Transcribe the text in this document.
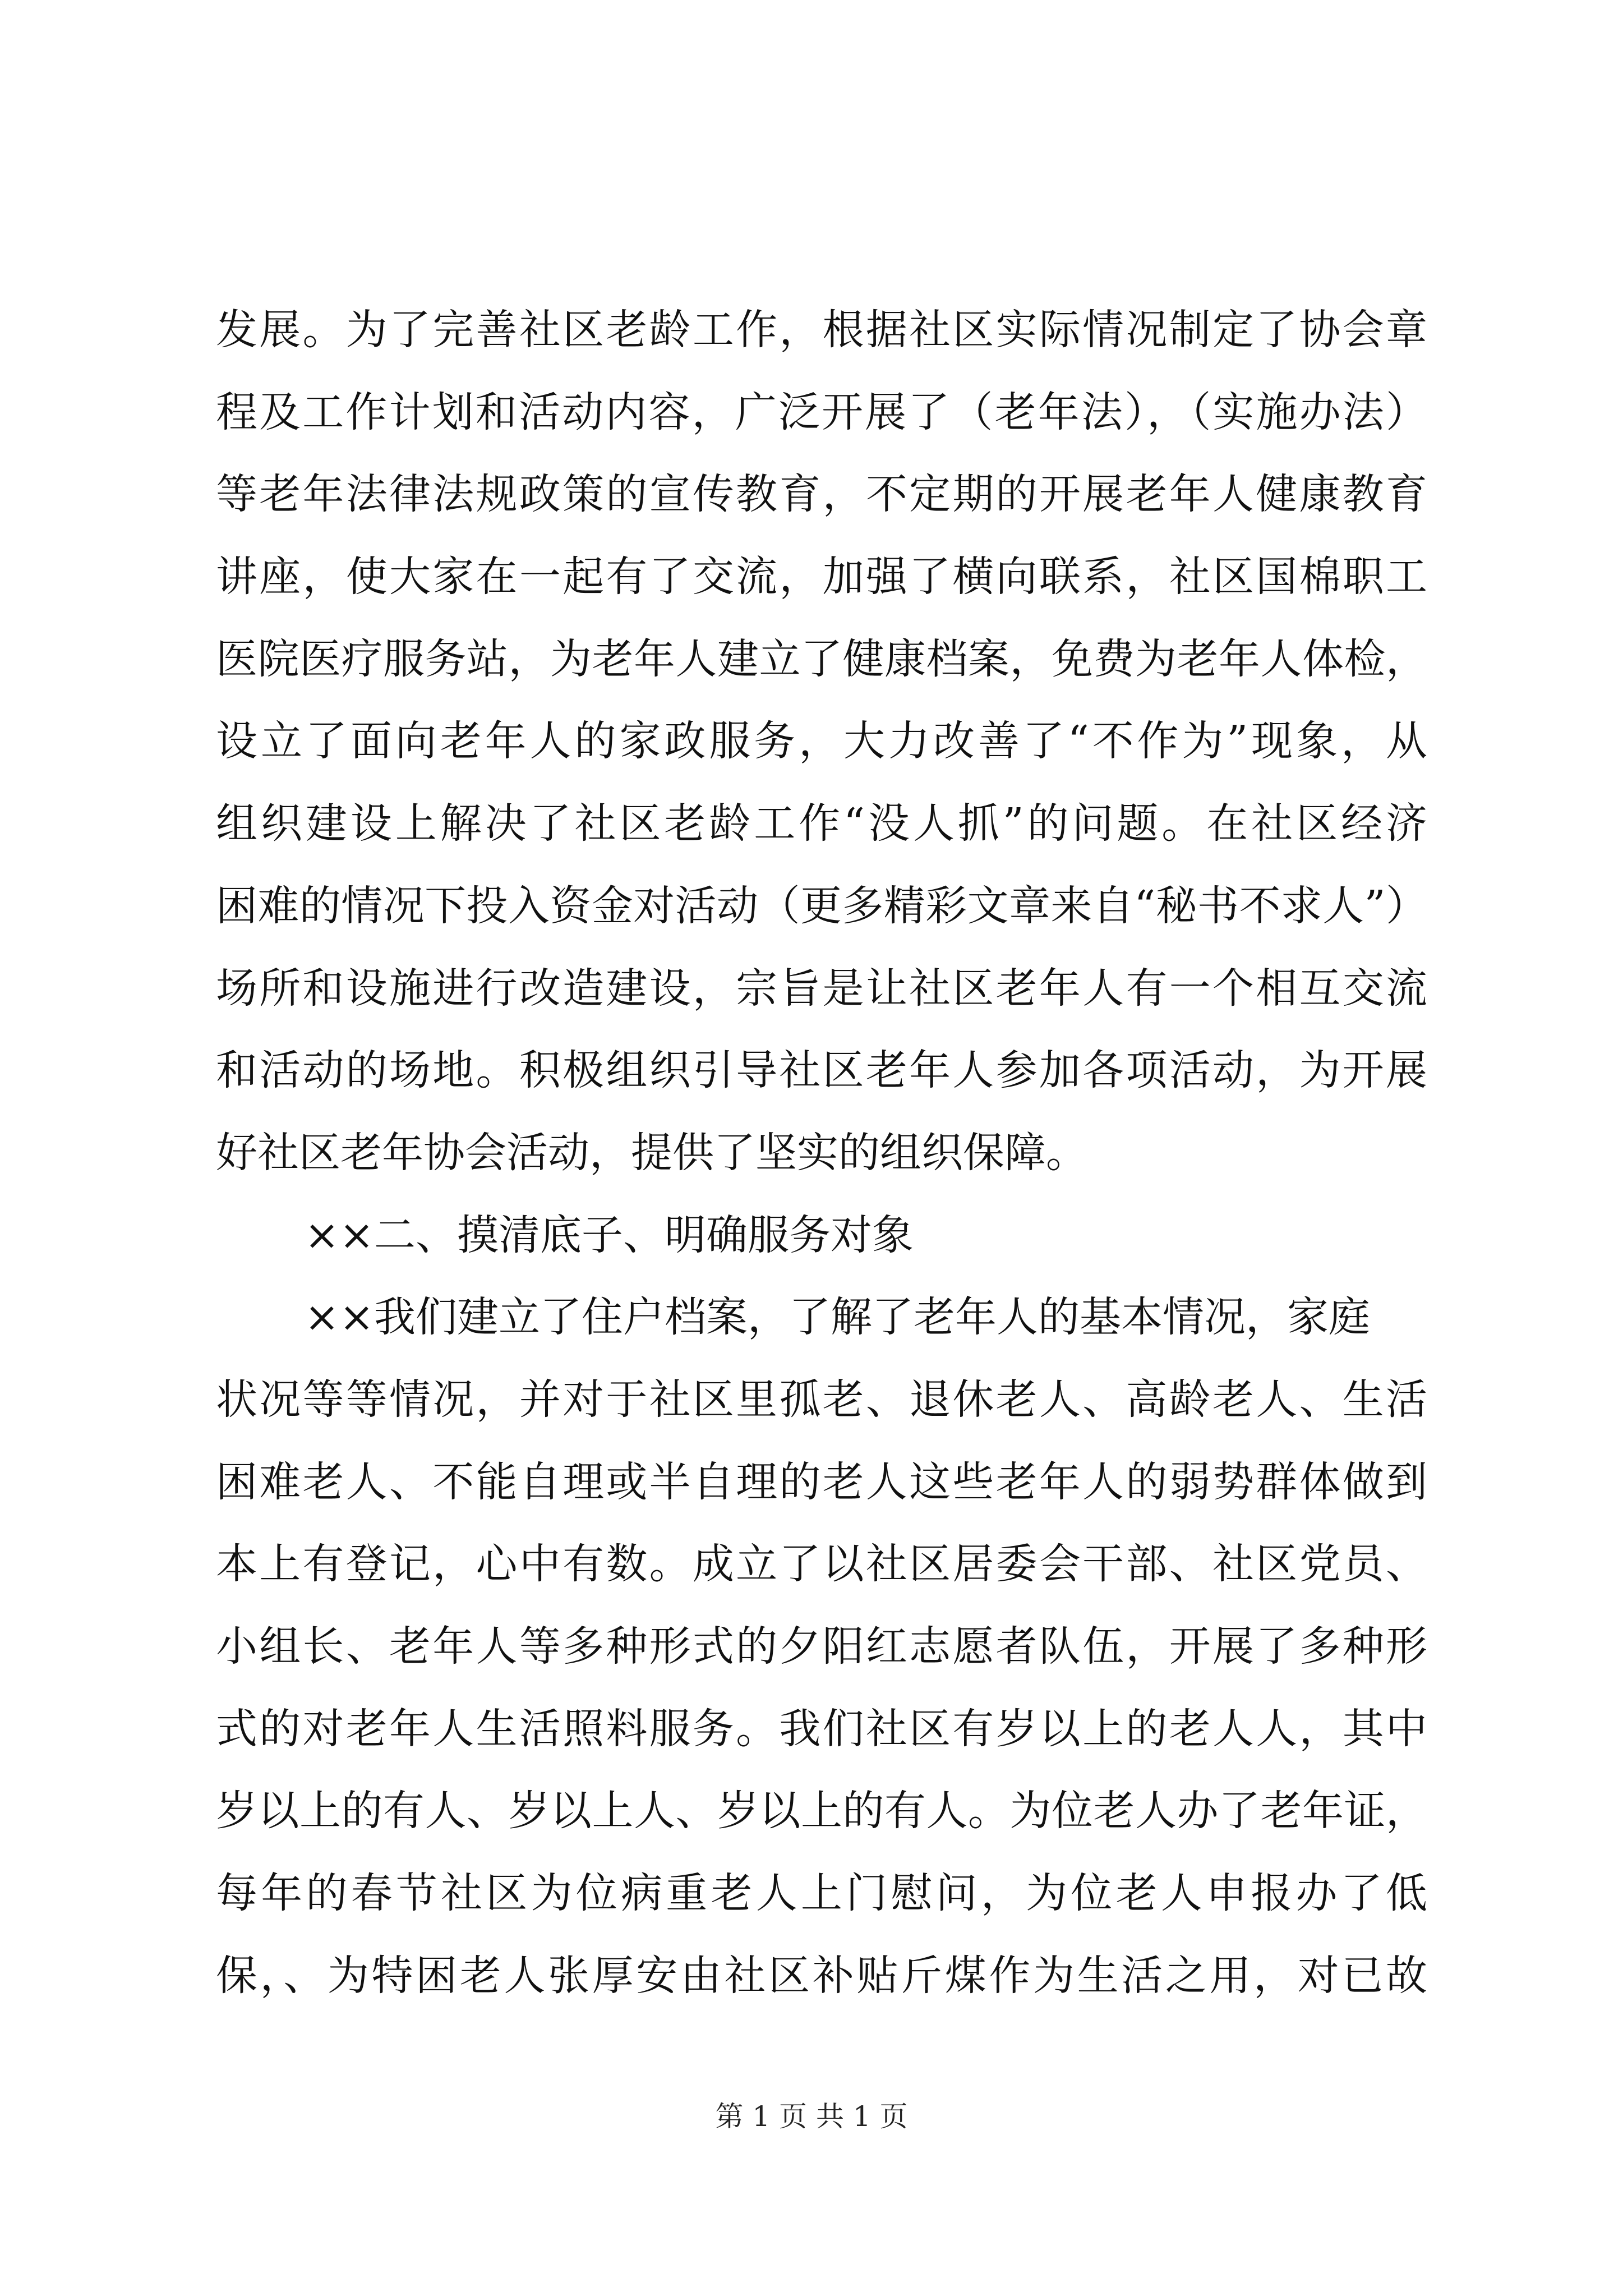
发展。为了完善社区老龄工作，根据社区实际情况制定了协会章
程及工作计划和活动内容，广泛开展了（老年法），（实施办法）
等老年法律法规政策的宣传教育，不定期的开展老年人健康教育
讲座，使大家在一起有了交流，加强了横向联系，社区国棉职工
医院医疗服务站，为老年人建立了健康档案，免费为老年人体检，
设立了面向老年人的家政服务，大力改善了“不作为”现象，从
组织建设上解决了社区老龄工作“没人抓”的问题。在社区经济
困难的情况下投入资金对活动（更多精彩文章来自“秘书不求人”）
场所和设施进行改造建设，宗旨是让社区老年人有一个相互交流
和活动的场地。积极组织引导社区老年人参加各项活动，为开展
好社区老年协会活动，提供了坚实的组织保障。
××二、摸清底子、明确服务对象
××我们建立了住户档案，了解了老年人的基本情况，家庭
状况等等情况，并对于社区里孤老、退休老人、高龄老人、生活
困难老人、不能自理或半自理的老人这些老年人的弱势群体做到
本上有登记，心中有数。成立了以社区居委会干部、社区党员、
小组长、老年人等多种形式的夕阳红志愿者队伍，开展了多种形
式的对老年人生活照料服务。我们社区有岁以上的老人人，其中
岁以上的有人、岁以上人、岁以上的有人。为位老人办了老年证，
每年的春节社区为位病重老人上门慰问，为位老人申报办了低
保，、为特困老人张厚安由社区补贴斤煤作为生活之用，对已故
第 1 页 共 1 页
